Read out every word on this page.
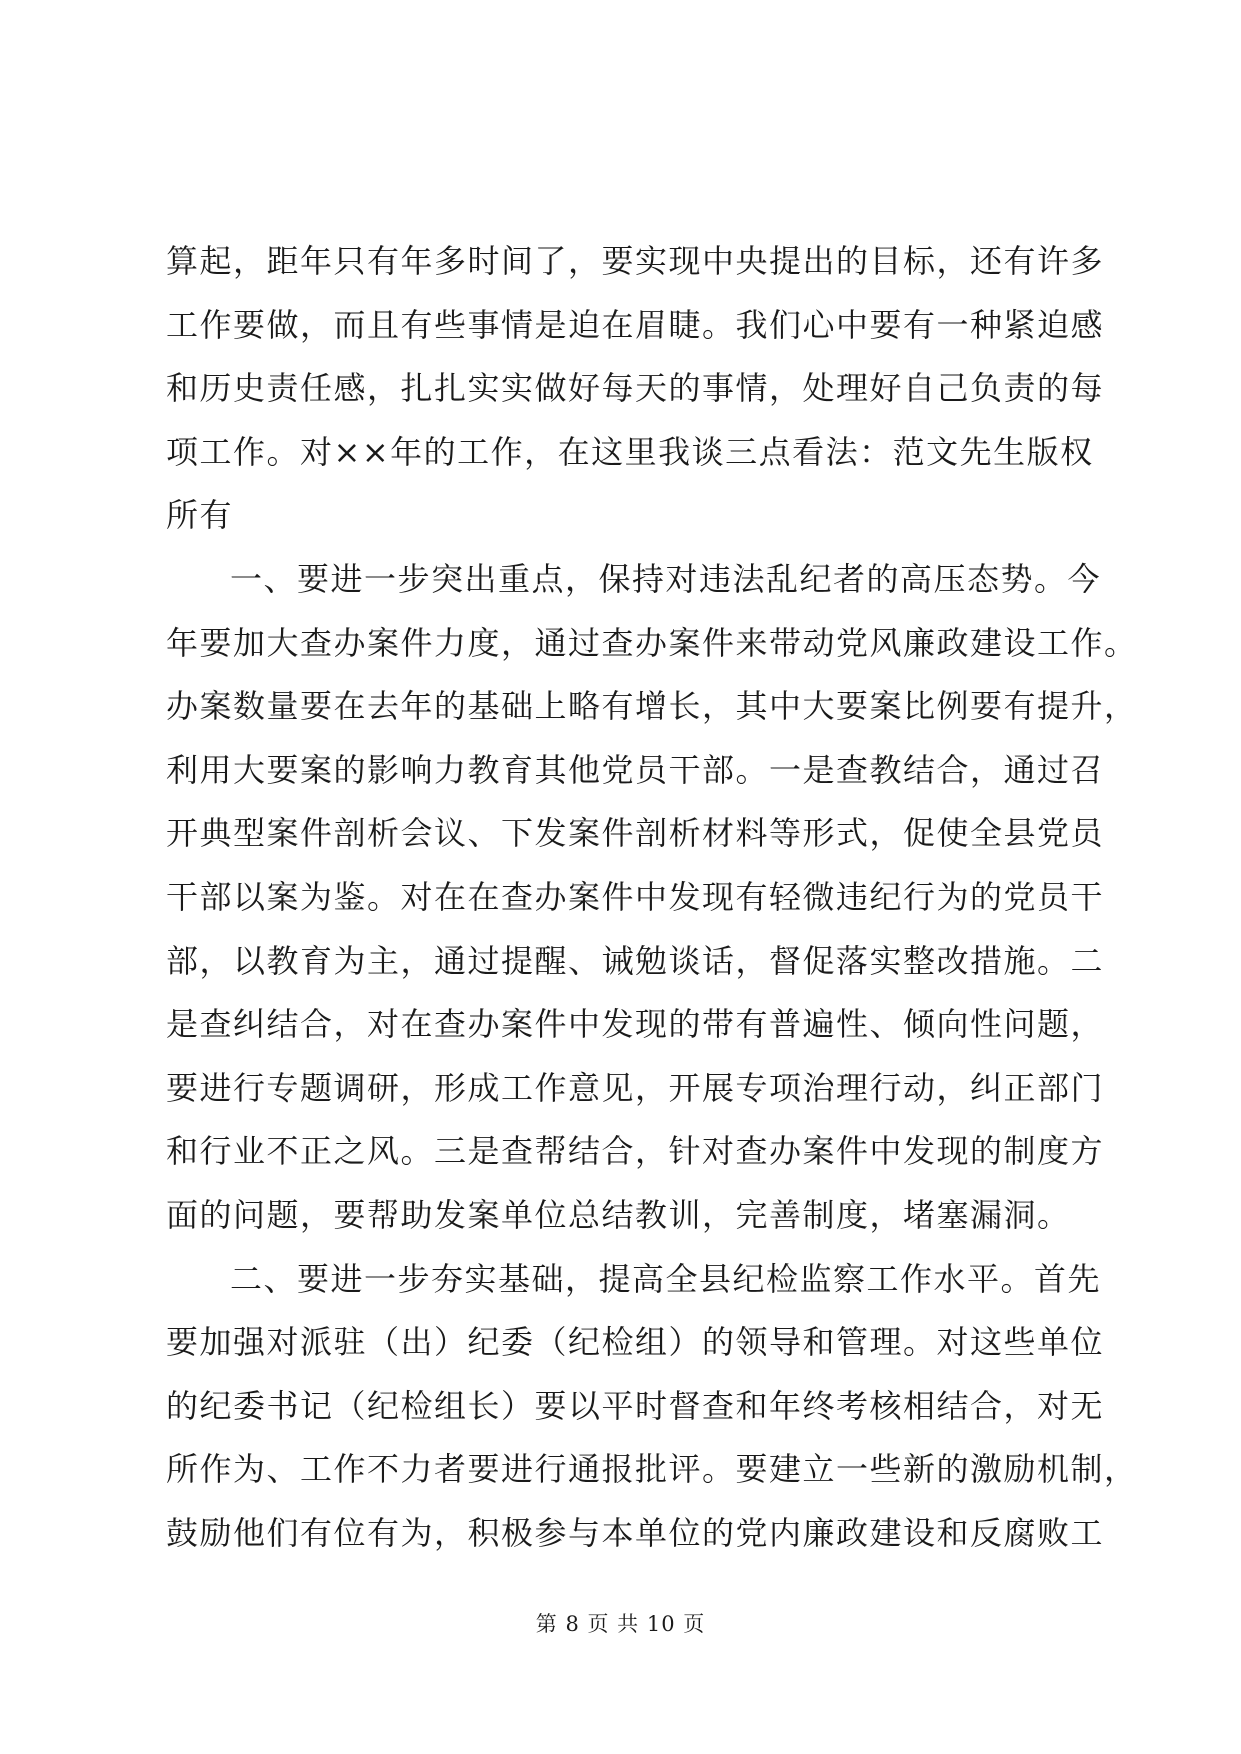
算起，距年只有年多时间了，要实现中央提出的目标，还有许多
工作要做，而且有些事情是迫在眉睫。我们心中要有一种紧迫感
和历史责任感，扎扎实实做好每天的事情，处理好自己负责的每
项工作。对××年的工作，在这里我谈三点看法：范文先生版权
所有
一、要进一步突出重点，保持对违法乱纪者的高压态势。今
年要加大查办案件力度，通过查办案件来带动党风廉政建设工作。
办案数量要在去年的基础上略有增长，其中大要案比例要有提升，
利用大要案的影响力教育其他党员干部。一是查教结合，通过召
开典型案件剖析会议、下发案件剖析材料等形式，促使全县党员
干部以案为鉴。对在在查办案件中发现有轻微违纪行为的党员干
部，以教育为主，通过提醒、诫勉谈话，督促落实整改措施。二
是查纠结合，对在查办案件中发现的带有普遍性、倾向性问题，
要进行专题调研，形成工作意见，开展专项治理行动，纠正部门
和行业不正之风。三是查帮结合，针对查办案件中发现的制度方
面的问题，要帮助发案单位总结教训，完善制度，堵塞漏洞。
二、要进一步夯实基础，提高全县纪检监察工作水平。首先
要加强对派驻（出）纪委（纪检组）的领导和管理。对这些单位
的纪委书记（纪检组长）要以平时督查和年终考核相结合，对无
所作为、工作不力者要进行通报批评。要建立一些新的激励机制，
鼓励他们有位有为，积极参与本单位的党内廉政建设和反腐败工
第 8 页 共 10 页
